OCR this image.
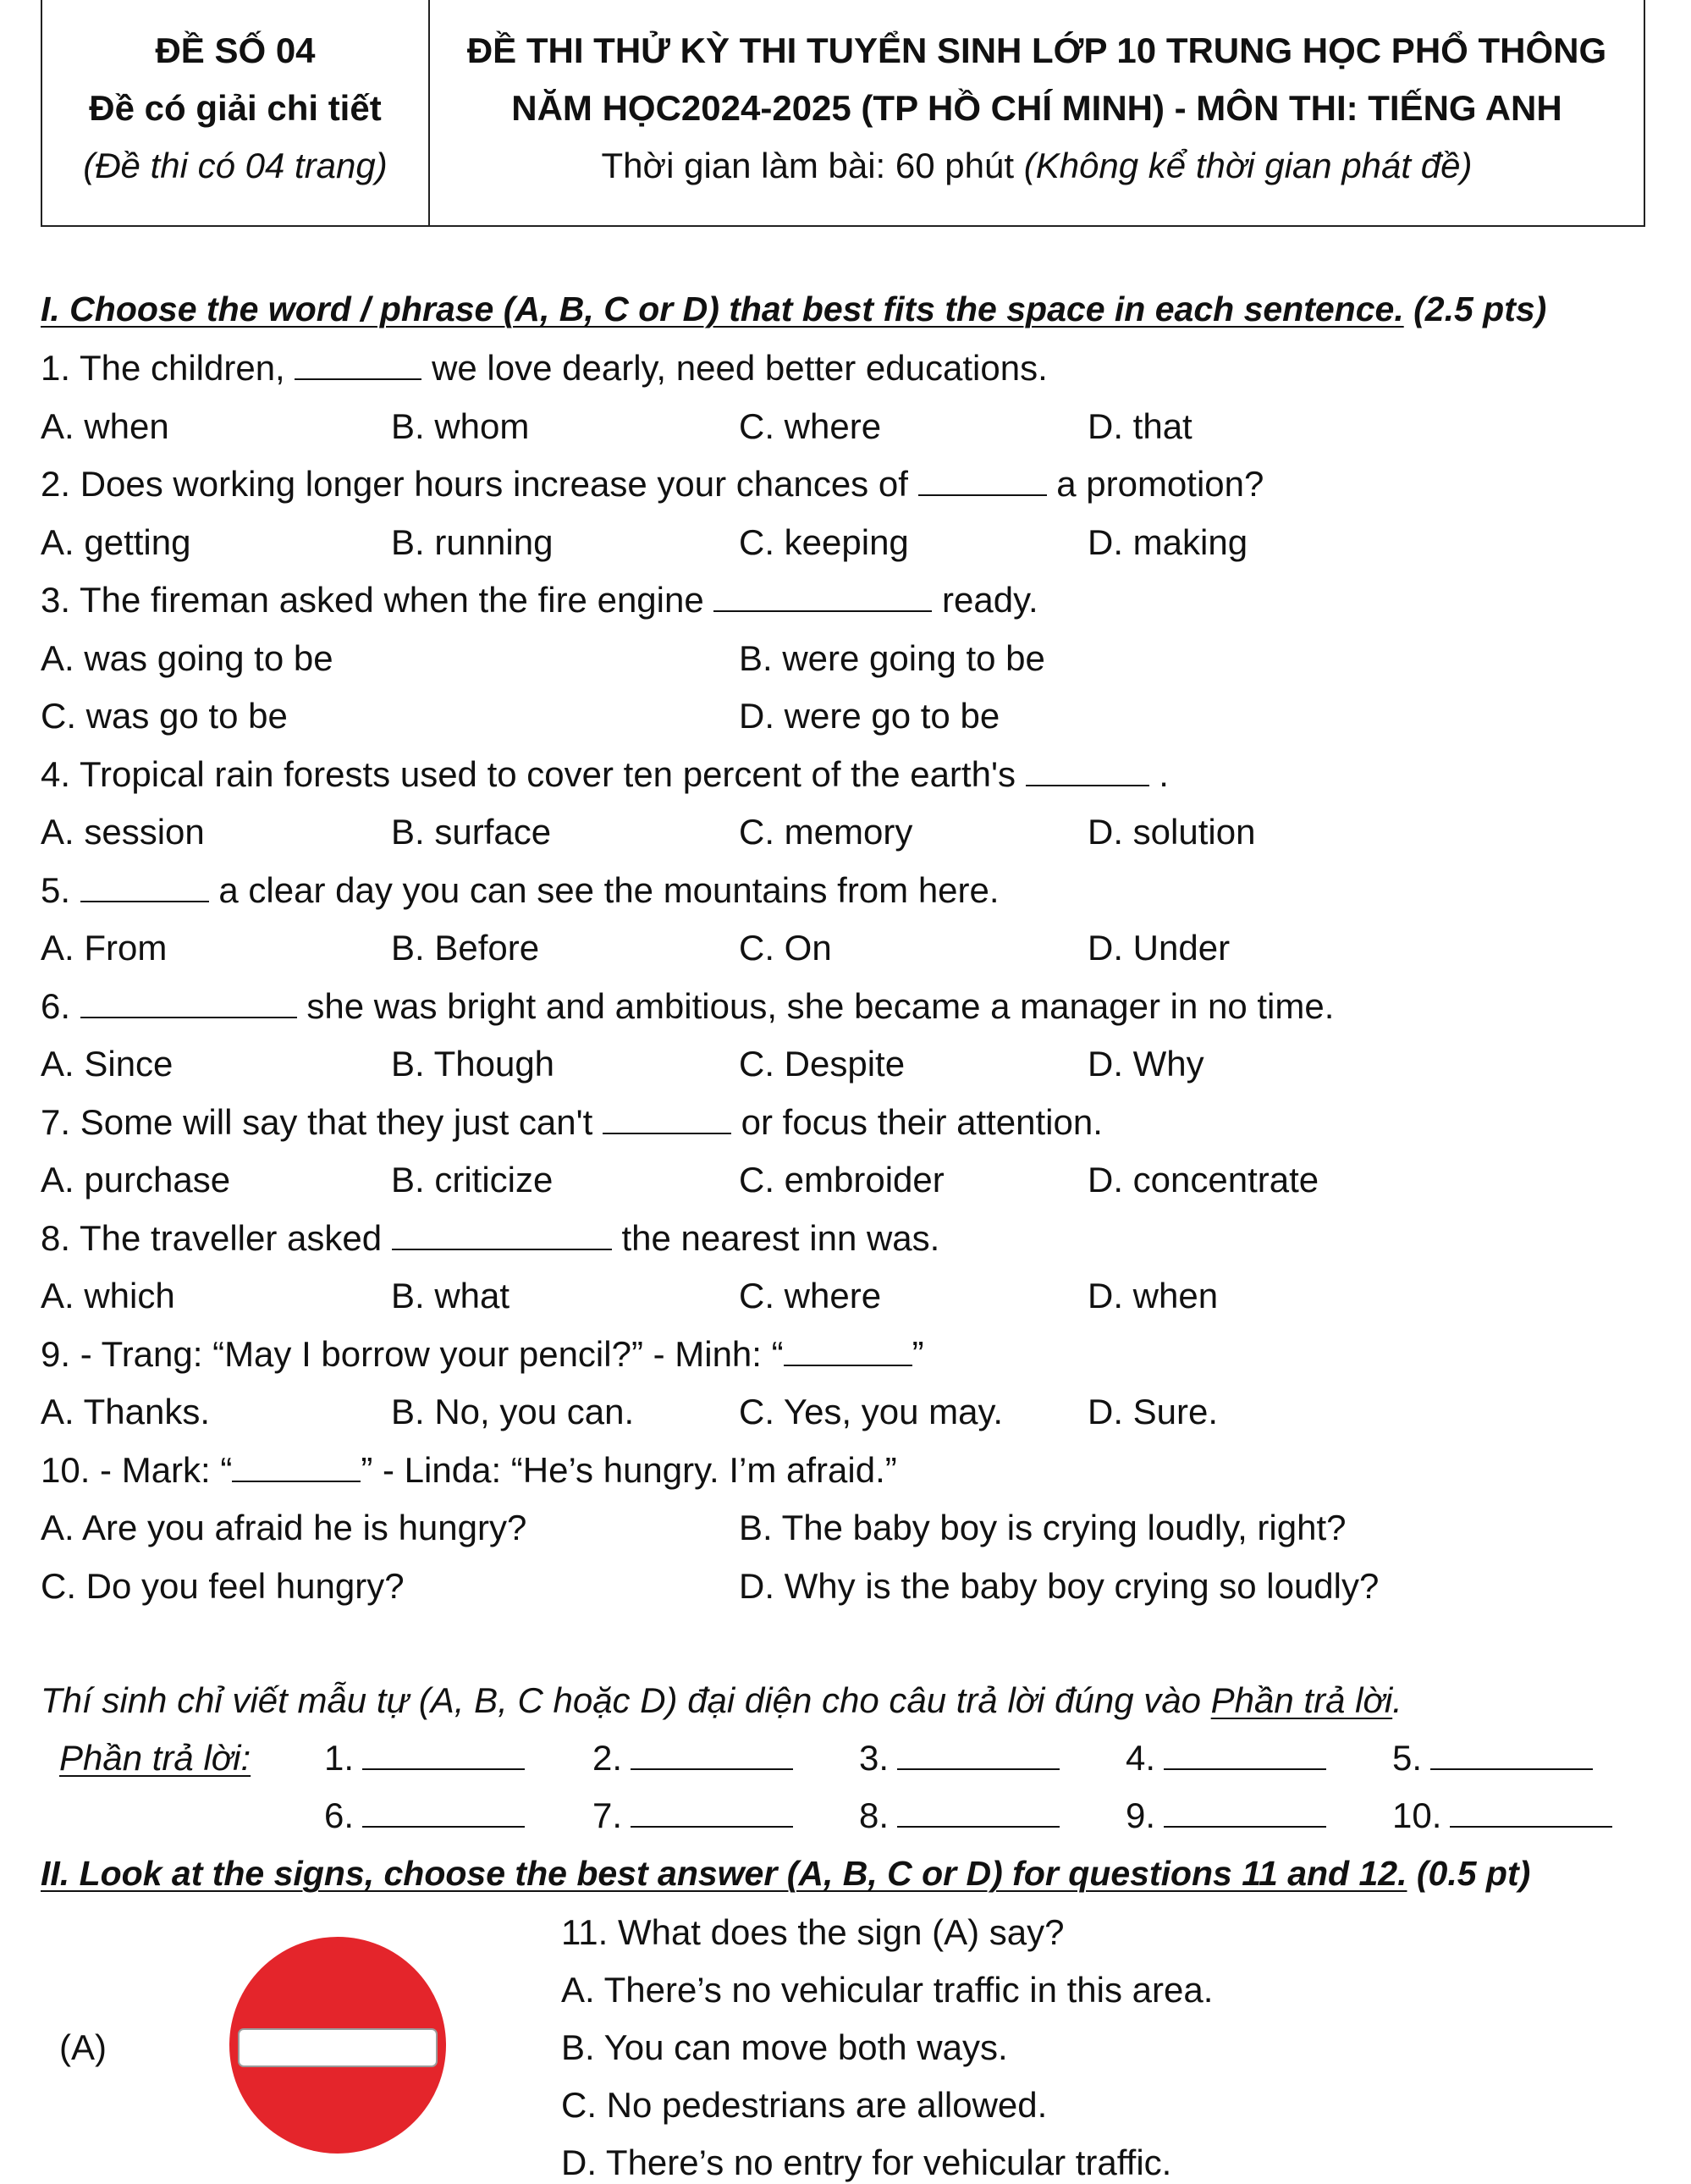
ĐỀ SỐ 04
Đề có giải chi tiết
(Đề thi có 04 trang)
ĐỀ THI THỬ KỲ THI TUYỂN SINH LỚP 10 TRUNG HỌC PHỔ THÔNG
NĂM HỌC2024-2025 (TP HỒ CHÍ MINH) - MÔN THI: TIẾNG ANH
Thời gian làm bài: 60 phút (Không kể thời gian phát đề)
I. Choose the word / phrase (A, B, C or D) that best fits the space in each sentence. (2.5 pts)
1. The children,	we love dearly, need better educations.
A. when	B. whom	C. where	D. that
2. Does working longer hours increase your chances of	a promotion?
A. getting	B. running	C. keeping	D. making
3. The fireman asked when the fire engine	ready.
A. was going to be	B. were going to be
C. was go to be	D. were go to be
4. Tropical rain forests used to cover ten percent of the earth's	.
A. session	B. surface	C. memory	D. solution
5.	a clear day you can see the mountains from here.
A. From	B. Before	C. On	D. Under
6.	she was bright and ambitious, she became a manager in no time.
A. Since	B. Though	C. Despite	D. Why
7. Some will say that they just can't	or focus their attention.
A. purchase	B. criticize	C. embroider	D. concentrate
8. The traveller asked	the nearest inn was.
A. which	B. what	C. where	D. when
9. - Trang: “May I borrow your pencil?” - Minh: “	”
A. Thanks.	B. No, you can.	C. Yes, you may. D. Sure.
10. - Mark: “	” - Linda: “He’s hungry. I’m afraid.”
A. Are you afraid he is hungry?	B. The baby boy is crying loudly, right?
C. Do you feel hungry?	D. Why is the baby boy crying so loudly?
Thí sinh chỉ viết mẫu tự (A, B, C hoặc D) đại diện cho câu trả lời đúng vào Phần trả lời.
Phần trả lời: 1.	2.	3.	4.	5.
6.	7.	8.	9.	10.
II. Look at the signs, choose the best answer (A, B, C or D) for questions 11 and 12. (0.5 pt)
(A)
11. What does the sign (A) say?
A. There’s no vehicular traffic in this area.
B. You can move both ways.
C. No pedestrians are allowed.
D. There’s no entry for vehicular traffic.
